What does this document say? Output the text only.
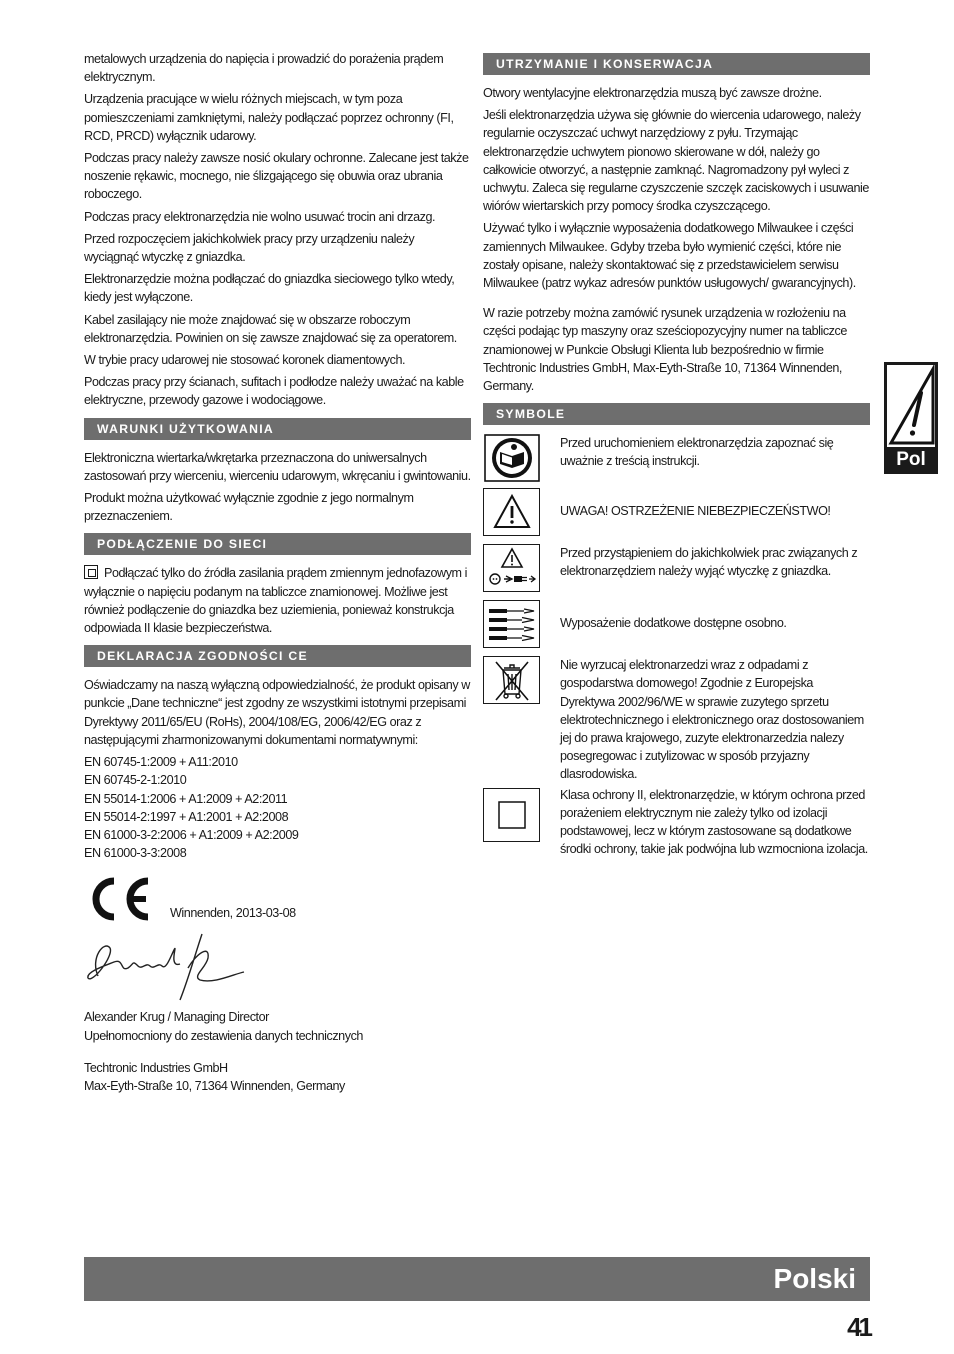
metalowych urządzenia do napięcia i prowadzić do porażenia prądem elektrycznym.

Urządzenia pracujące w wielu różnych miejscach, w tym poza pomieszczeniami zamkniętymi, należy podłączać poprzez ochronny (FI, RCD, PRCD) wyłącznik udarowy.

Podczas pracy należy zawsze nosić okulary ochronne. Zalecane jest także noszenie rękawic, mocnego, nie ślizgającego się obuwia oraz ubrania roboczego.

Podczas pracy elektronarzędzia nie wolno usuwać trocin ani drzazg.

Przed rozpoczęciem jakichkolwiek pracy przy urządzeniu należy wyciągnąć wtyczkę z gniazdka.

Elektronarzędzie można podłączać do gniazdka sieciowego tylko wtedy, kiedy jest wyłączone.

Kabel zasilający nie może znajdować się w obszarze roboczym elektronarzędzia. Powinien on się zawsze znajdować się za operatorem.

W trybie pracy udarowej nie stosować koronek diamentowych.

Podczas pracy przy ścianach, sufitach i podłodze należy uważać na kable elektryczne, przewody gazowe i wodociągowe.

WARUNKI UŻYTKOWANIA

Elektroniczna wiertarka/wkrętarka przeznaczona do uniwersalnych zastosowań przy wierceniu, wierceniu udarowym, wkręcaniu i gwintowaniu.

Produkt można użytkować wyłącznie zgodnie z jego normalnym przeznaczeniem.

PODŁĄCZENIE DO SIECI

Podłączać tylko do źródła zasilania prądem zmiennym jednofazowym i wyłącznie o napięciu podanym na tabliczce znamionowej. Możliwe jest również podłączenie do gniazdka bez uziemienia, ponieważ konstrukcja odpowiada II klasie bezpieczeństwa.

DEKLARACJA ZGODNOŚCI CE

Oświadczamy na naszą wyłączną odpowiedzialność, że produkt opisany w punkcie „Dane techniczne“ jest zgodny ze wszystkimi istotnymi przepisami Dyrektywy 2011/65/EU (RoHs), 2004/108/EG, 2006/42/EG oraz z następującymi zharmonizowanymi dokumentami normatywnymi:

EN 60745-1:2009 + A11:2010

EN 60745-2-1:2010

EN 55014-1:2006 + A1:2009 + A2:2011

EN 55014-2:1997 + A1:2001 + A2:2008

EN 61000-3-2:2006 + A1:2009 + A2:2009

EN 61000-3-3:2008

Winnenden, 2013-03-08

Alexander Krug / Managing Director

Upełnomocniony do zestawienia danych technicznych

Techtronic Industries GmbH

Max-Eyth-Straße 10, 71364 Winnenden, Germany

UTRZYMANIE I KONSERWACJA

Otwory wentylacyjne elektronarzędzia muszą być zawsze drożne.

Jeśli elektronarzędzia używa się głównie do wiercenia udarowego, należy regularnie oczyszczać uchwyt narzędziowy z pyłu. Trzymając elektronarzędzie uchwytem pionowo skierowane w dół, należy go całkowicie otworzyć, a następnie zamknąć. Nagromadzony pył wyleci z uchwytu. Zaleca się regularne czyszczenie szczęk zaciskowych i usuwanie wiórów wiertarskich przy pomocy środka czyszczącego.

Używać tylko i wyłącznie wyposażenia dodatkowego Milwaukee i części zamiennych Milwaukee. Gdyby trzeba było wymienić części, które nie zostały opisane, należy skontaktować się z przedstawicielem serwisu Milwaukee (patrz wykaz adresów punktów usługowych/ gwarancyjnych).

W razie potrzeby można zamówić rysunek urządzenia w rozłożeniu na części podając typ maszyny oraz sześciopozycyjny numer na tabliczce znamionowej w Punkcie Obsługi Klienta lub bezpośrednio w firmie Techtronic Industries GmbH, Max-Eyth-Straße 10, 71364 Winnenden, Germany.

SYMBOLE
Przed uruchomieniem elektronarzędzia zapoznać się uważnie z treścią instrukcji.
UWAGA! OSTRZEŻENIE NIEBEZPIECZEŃSTWO!
Przed przystąpieniem do jakichkolwiek prac związanych z elektronarzędziem należy wyjąć wtyczkę z gniazdka.
Wyposażenie dodatkowe dostępne osobno.
Nie wyrzucaj elektronarzedzi wraz z odpadami z gospodarstwa domowego! Zgodnie z Europejska Dyrektywa 2002/96/WE w sprawie zuzytego sprzetu elektrotechnicznego i elektronicznego oraz dostosowaniem jej do prawa krajowego, zuzyte elektronarzedzia nalezy posegregowac i zutylizowac w sposób przyjazny dlasrodowiska.
Klasa ochrony II, elektronarzędzie, w którym ochrona przed porażeniem elektrycznym nie zależy tylko od izolacji podstawowej, lecz w którym zastosowane są dodatkowe środki ochrony, takie jak podwójna lub wzmocniona izolacja.
Pol
Polski
41
